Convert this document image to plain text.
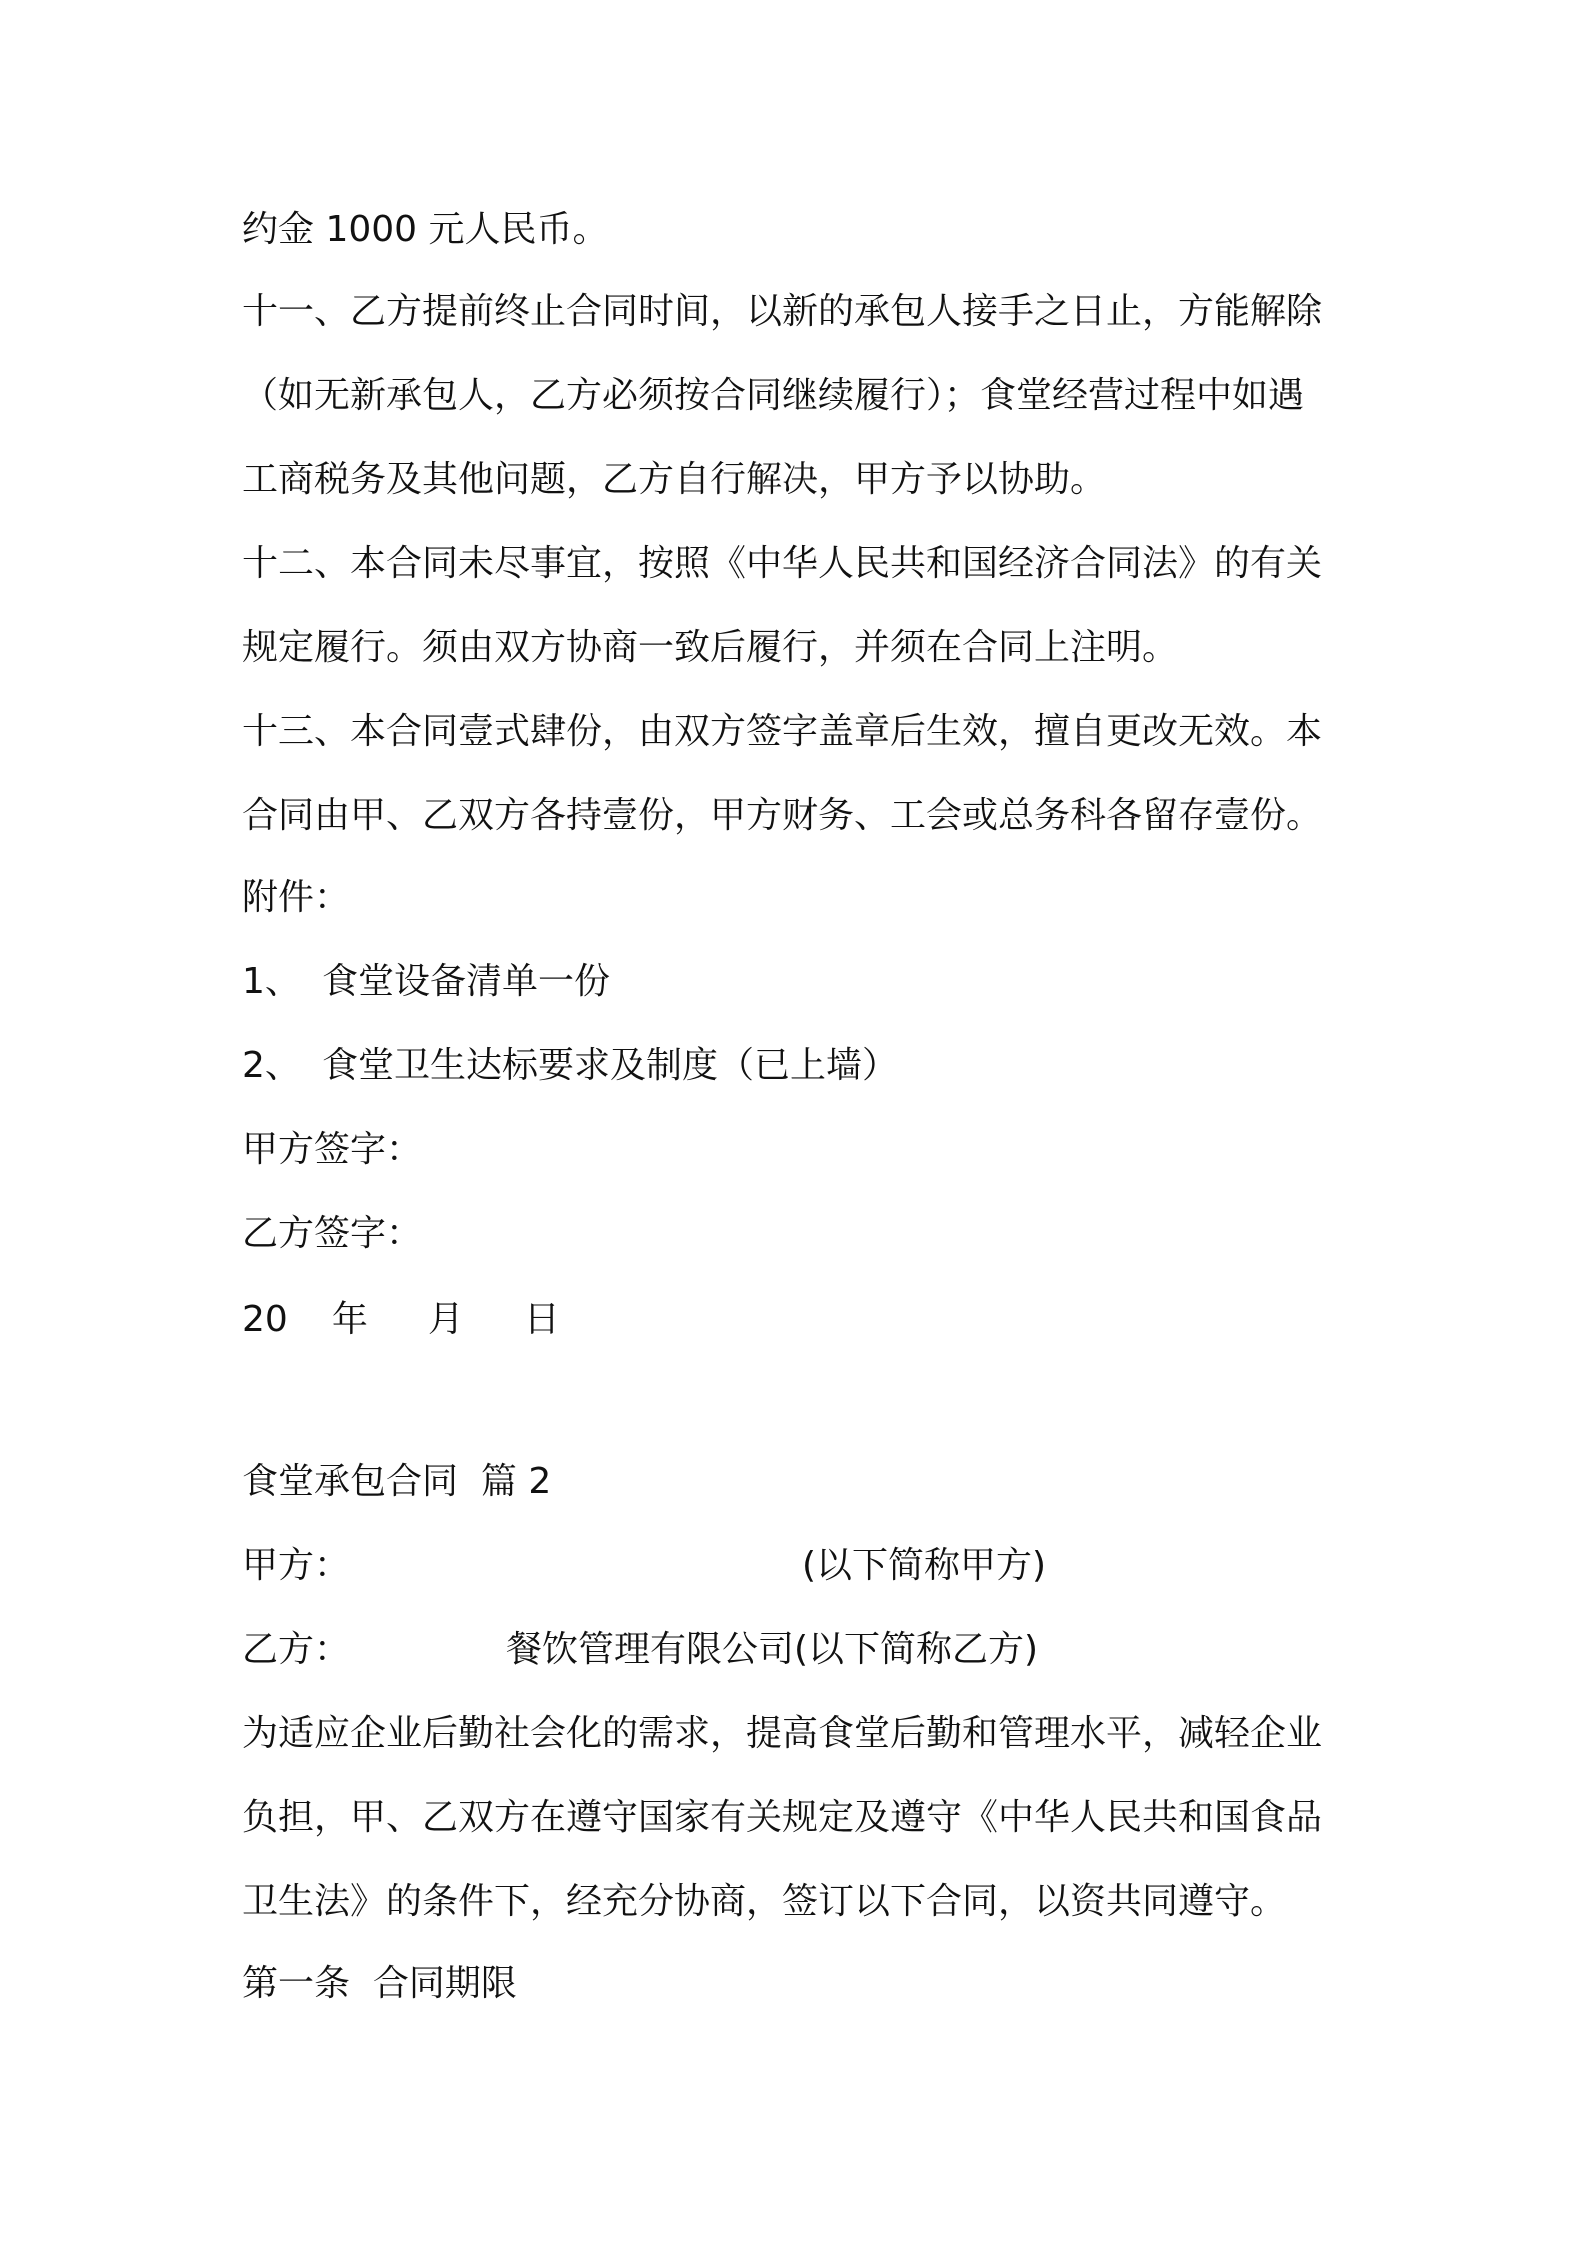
约金 1000 元人民币。
十一、乙方提前终止合同时间，以新的承包人接手之日止，方能解除
（如无新承包人，乙方必须按合同继续履行）；食堂经营过程中如遇
工商税务及其他问题，乙方自行解决，甲方予以协助。
十二、本合同未尽事宜，按照《中华人民共和国经济合同法》的有关
规定履行。须由双方协商一致后履行，并须在合同上注明。
十三、本合同壹式肆份，由双方签字盖章后生效，擅自更改无效。本
合同由甲、乙双方各持壹份，甲方财务、工会或总务科各留存壹份。
附件：
1、 食堂设备清单一份
2、 食堂卫生达标要求及制度（已上墙）
甲方签字：
乙方签字：
20 年 月 日
食堂承包合同  篇 2
甲方：	(以下简称甲方)
乙方：	餐饮管理有限公司(以下简称乙方)
为适应企业后勤社会化的需求，提高食堂后勤和管理水平，减轻企业
负担，甲、乙双方在遵守国家有关规定及遵守《中华人民共和国食品
卫生法》的条件下，经充分协商，签订以下合同，以资共同遵守。
第一条  合同期限
